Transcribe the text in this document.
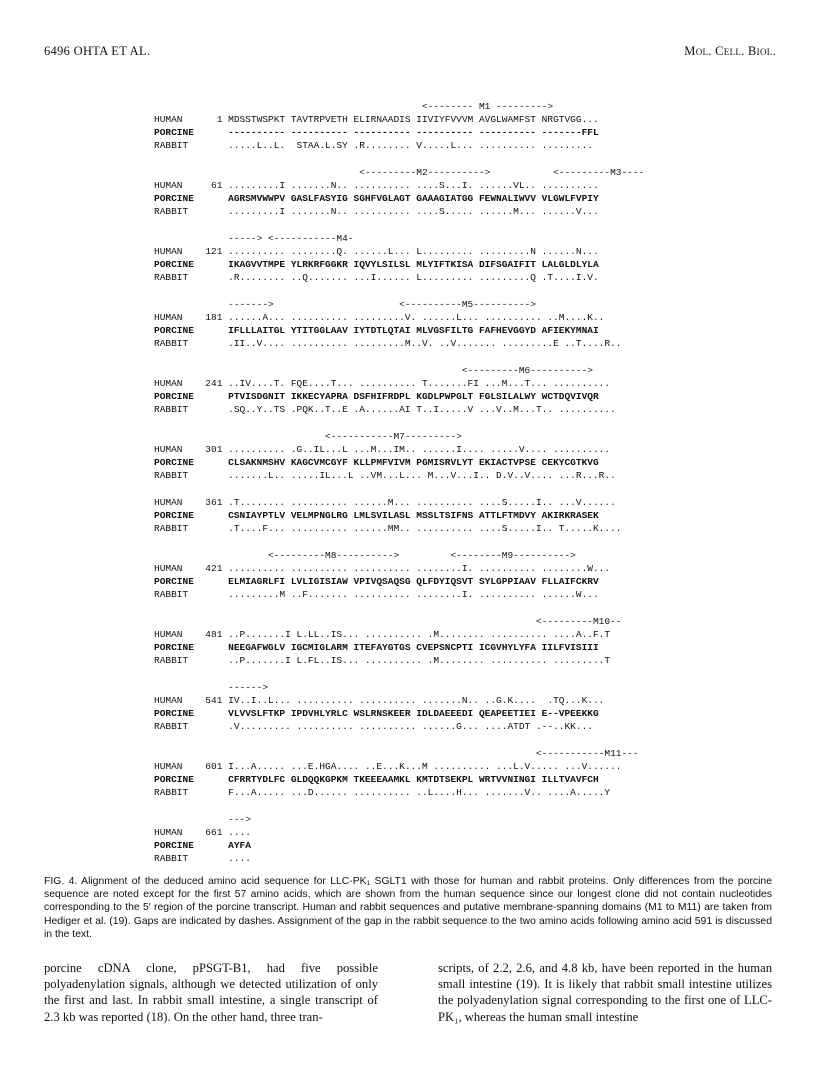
6496 OHTA ET AL.	Mol. Cell. Biol.
<-------- M1 --------->
HUMAN      1 MDSSTWSPKT TAVTRPVETH ELIRNAADIS IIVIYFVVVM AVGLWAMFST NRGTVGG...
PORCINE      ---------- ---------- ---------- ---------- ---------- -------FFL
RABBIT       .....L..L.  STAA.L.SY .R........ V.....L... .......... .........
<---------M2---------->           <---------M3----
HUMAN     61 .........I .......N.. .......... ....S...I. ......VL.. ..........
PORCINE      AGRSMVWWPV GASLFASYIG SGHFVGLAGT GAAAGIATGG FEWNALIWVV VLGWLFVPIY
RABBIT       .........I .......N.. .......... ....S..... ......M... ......V...
-----> <-----------M4-
HUMAN    121 .......... ........Q. ......L... L......... .........N ......N...
PORCINE      IKAGVVTMPE YLRKRFGGKR IQVYLSILSL MLYIFTKISA DIFSGAIFIT LALGLDLYLA
RABBIT       .R........ ..Q....... ...I...... L......... .........Q .T....I.V.
------->                      <----------M5---------->
HUMAN    181 ......A... .......... .........V. ......L... .......... ..M....K..
PORCINE      IFLLLAITGL YTITGGLAAV IYTDTLQTAI MLVGSFILTG FAFHEVGGYD AFIEKYMNAI
RABBIT       .II..V.... .......... .........M..V. ..V....... .........E ..T....R..
<---------M6---------->
HUMAN    241 ..IV....T. FQE....T... .......... T.......FI ...M...T... ..........
PORCINE      PTVISDGNIT IKKECYAPRA DSFHIFRDPL KGDLPWPGLT FGLSILALWY WCTDQVIVQR
RABBIT       .SQ..Y..TS .PQK..T..E .A......AI T..I.....V ...V..M...T.. ..........
<-----------M7--------->
HUMAN    301 .......... .G..IL...L ...M...IM.. ......I.... .....V.... ..........
PORCINE      CLSAKNMSHV KAGCVMCGYF KLLPMFVIVM PGMISRVLYT EKIACTVPSE CEKYCGTKVG
RABBIT       .......L.. .....IL...L ..VM...L... M...V...I.. D.V..V.... ...R...R..
HUMAN    361 .T........ .......... ......M... .......... ....S.....I.. ...V......
PORCINE      CSNIAYPTLV VELMPNGLRG LMLSVILASL MSSLTSIFNS ATTLFTMDVY AKIRKRASEK
RABBIT       .T....F... .......... ......MM.. .......... ....S.....I.. T.....K....
<---------M8---------->         <--------M9---------->
HUMAN    421 .......... .......... .......... ........I. .......... ........W...
PORCINE      ELMIAGRLFI LVLIGISIAW VPIVQSAQSG QLFDYIQSVT SYLGPPIAAV FLLAIFCKRV
RABBIT       .........M ..F....... .......... ........I. .......... ......W...
<---------M10--
HUMAN    481 ..P.......I L.LL..IS... .......... .M........ .......... ....A..F.T
PORCINE      NEEGAFWGLV IGCMIGLARM ITEFAYGTGS CVEPSNCPTI ICGVHYLYFA IILFVISIII
RABBIT       ..P.......I L.FL..IS... .......... .M........ .......... .........T
------>
HUMAN    541 IV..I..L... .......... .......... .......N.. ..G.K....  .TQ...K...
PORCINE      VLVVSLFTKP IPDVHLYRLC WSLRNSKEER IDLDAEEEDI QEAPEETIEI E--VPEEKKG
RABBIT       .V......... .......... .......... ......G... ....ATDT .--..KK...
<-----------M11---
HUMAN    601 I...A..... ...E.HGA.... ..E...K...M .......... ...L.V..... ...V......
PORCINE      CFRRTYDLFC GLDQQKGPKM TKEEEAAMKL KMTDTSEKPL WRTVVNINGI ILLTVAVFCH
RABBIT       F...A..... ...D...... .......... ..L....H... .......V.. ....A.....Y
--->
HUMAN    661 ....
PORCINE      AYFA
RABBIT       ....
FIG. 4. Alignment of the deduced amino acid sequence for LLC-PK₁ SGLT1 with those for human and rabbit proteins. Only differences from the porcine sequence are noted except for the first 57 amino acids, which are shown from the human sequence since our longest clone did not contain nucleotides corresponding to the 5′ region of the porcine transcript. Human and rabbit sequences and putative membrane-spanning domains (M1 to M11) are taken from Hediger et al. (19). Gaps are indicated by dashes. Assignment of the gap in the rabbit sequence to the two amino acids following amino acid 591 is discussed in the text.
porcine cDNA clone, pPSGT-B1, had five possible polyadenylation signals, although we detected utilization of only the first and last. In rabbit small intestine, a single transcript of 2.3 kb was reported (18). On the other hand, three tran-
scripts, of 2.2, 2.6, and 4.8 kb, have been reported in the human small intestine (19). It is likely that rabbit small intestine utilizes the polyadenylation signal corresponding to the first one of LLC-PK₁, whereas the human small intestine
